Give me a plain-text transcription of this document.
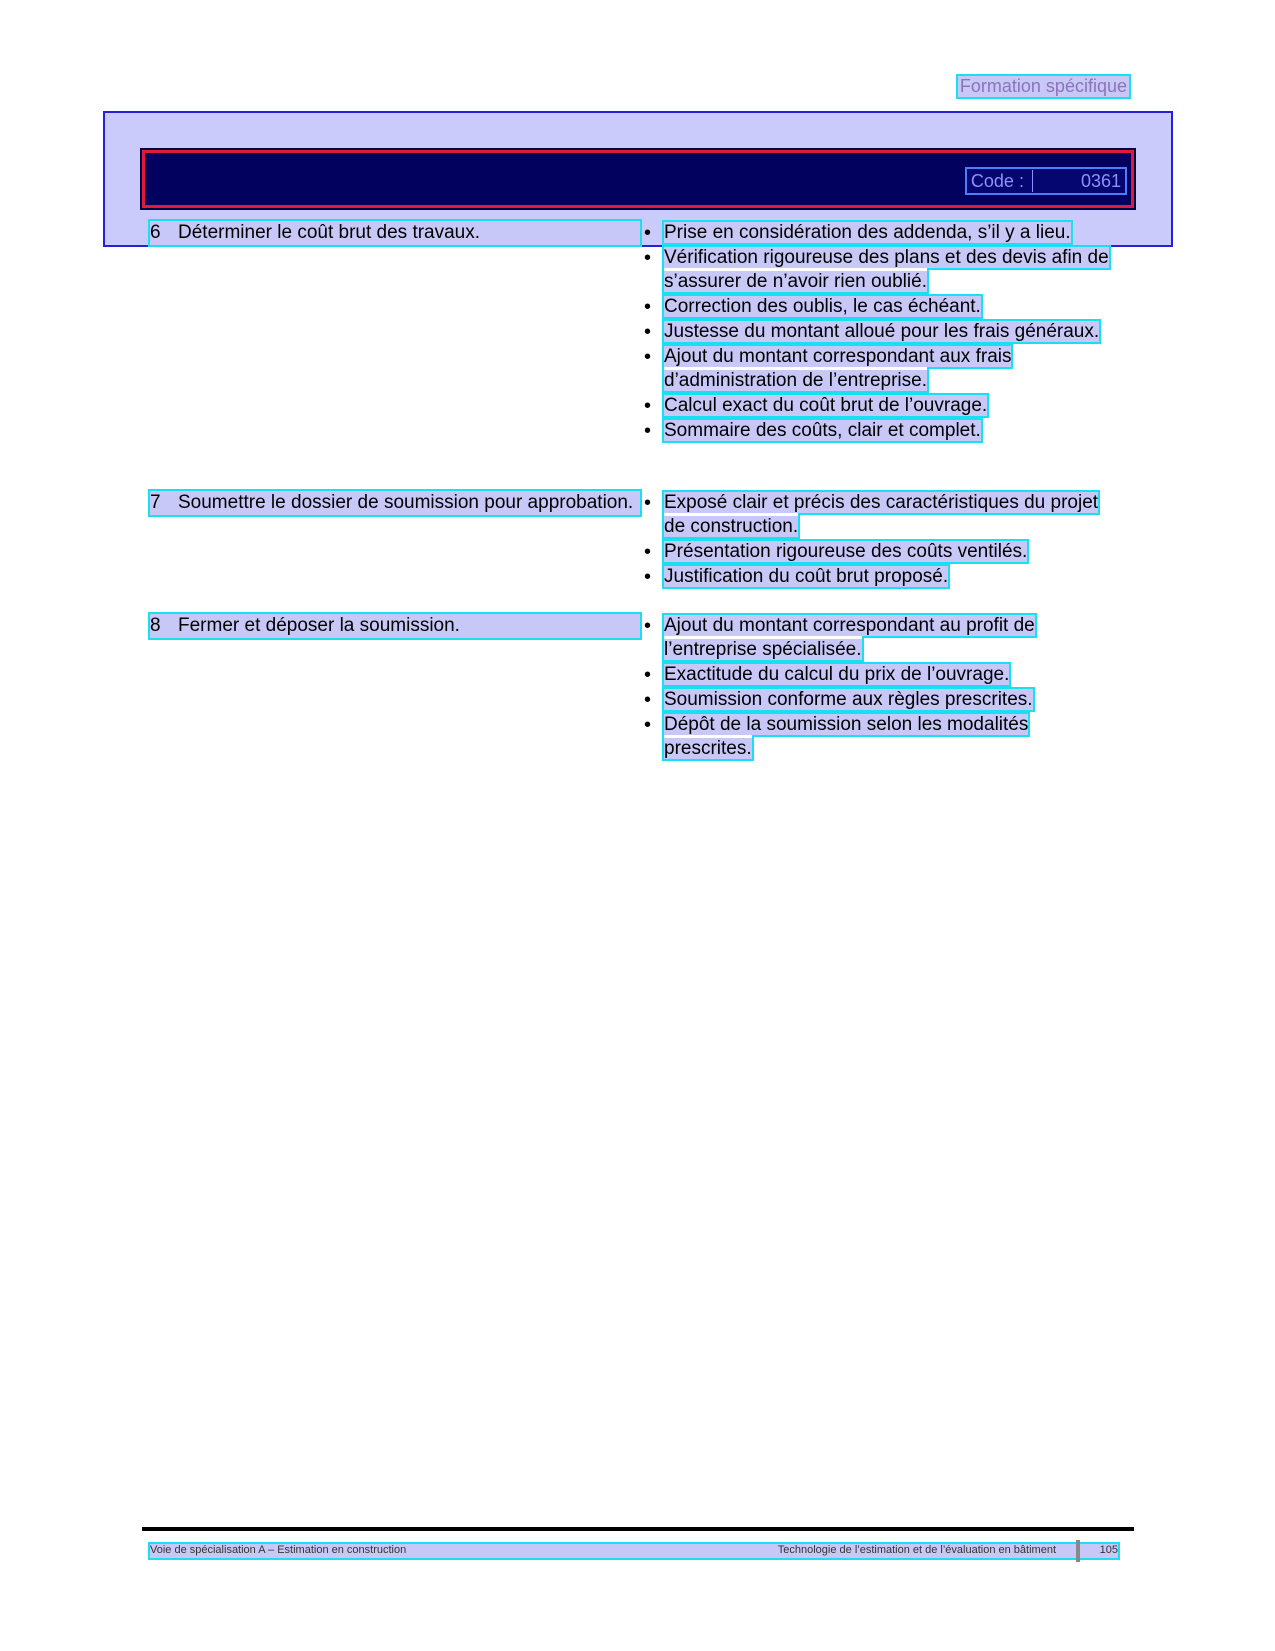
Formation spécifique
Code :	0361
6 Déterminer le coût brut des travaux.	• Prise en considération des addenda, s’il y a lieu.
• Vérification rigoureuse des plans et des devis afin de s’assurer de n’avoir rien oublié.
• Correction des oublis, le cas échéant.
• Justesse du montant alloué pour les frais généraux.
• Ajout du montant correspondant aux frais d’administration de l’entreprise.
• Calcul exact du coût brut de l’ouvrage.
• Sommaire des coûts, clair et complet.
7 Soumettre le dossier de soumission pour approbation.	• Exposé clair et précis des caractéristiques du projet de construction.
• Présentation rigoureuse des coûts ventilés.
• Justification du coût brut proposé.
8 Fermer et déposer la soumission.	• Ajout du montant correspondant au profit de l’entreprise spécialisée.
• Exactitude du calcul du prix de l’ouvrage.
• Soumission conforme aux règles prescrites.
• Dépôt de la soumission selon les modalités prescrites.
Voie de spécialisation A – Estimation en construction	Technologie de l’estimation et de l’évaluation en bâtiment	105
